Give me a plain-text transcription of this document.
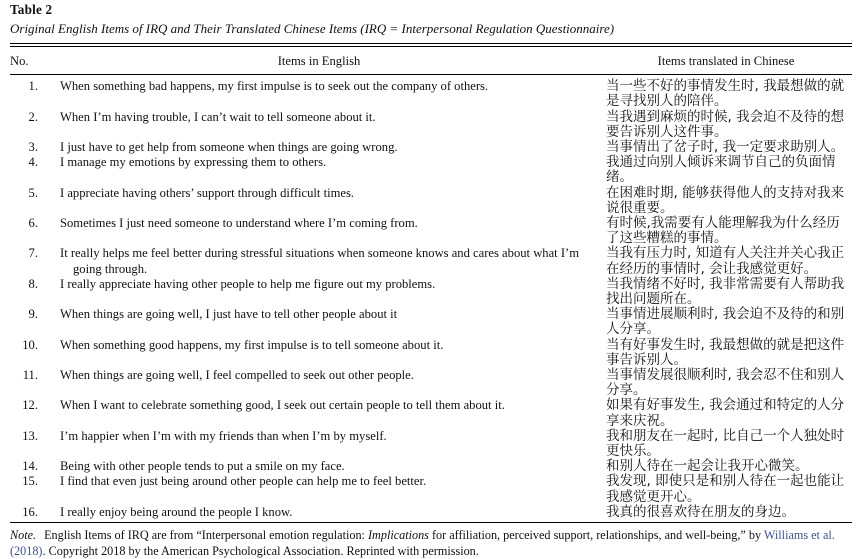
Table 2
Original English Items of IRQ and Their Translated Chinese Items (IRQ = Interpersonal Regulation Questionnaire)
No.	Items in English	Items translated in Chinese
1.	When something bad happens, my first impulse is to seek out the company of others.	当一些不好的事情发生时, 我最想做的就是寻找别人的陪伴。
2.	When I’m having trouble, I can’t wait to tell someone about it.	当我遇到麻烦的时候, 我会迫不及待的想要告诉别人这件事。
3.	I just have to get help from someone when things are going wrong.	当事情出了岔子时, 我一定要求助别人。
4.	I manage my emotions by expressing them to others.	我通过向别人倾诉来调节自己的负面情绪。
5.	I appreciate having others’ support through difficult times.	在困难时期, 能够获得他人的支持对我来说很重要。
6.	Sometimes I just need someone to understand where I’m coming from.	有时候,我需要有人能理解我为什么经历了这些糟糕的事情。
7.	It really helps me feel better during stressful situations when someone knows and cares about what I’m going through.	当我有压力时, 知道有人关注并关心我正在经历的事情时, 会让我感觉更好。
8.	I really appreciate having other people to help me figure out my problems.	当我情绪不好时, 我非常需要有人帮助我找出问题所在。
9.	When things are going well, I just have to tell other people about it	当事情进展顺利时, 我会迫不及待的和别人分享。
10.	When something good happens, my first impulse is to tell someone about it.	当有好事发生时, 我最想做的就是把这件事告诉别人。
11.	When things are going well, I feel compelled to seek out other people.	当事情发展很顺利时, 我会忍不住和别人分享。
12.	When I want to celebrate something good, I seek out certain people to tell them about it.	如果有好事发生, 我会通过和特定的人分享来庆祝。
13.	I’m happier when I’m with my friends than when I’m by myself.	我和朋友在一起时, 比自己一个人独处时更快乐。
14.	Being with other people tends to put a smile on my face.	和别人待在一起会让我开心微笑。
15.	I find that even just being around other people can help me to feel better.	我发现, 即使只是和别人待在一起也能让我感觉更开心。
16.	I really enjoy being around the people I know.	我真的很喜欢待在朋友的身边。
Note. English Items of IRQ are from “Interpersonal emotion regulation: Implications for affiliation, perceived support, relationships, and well-being,” by Williams et al. (2018). Copyright 2018 by the American Psychological Association. Reprinted with permission.
